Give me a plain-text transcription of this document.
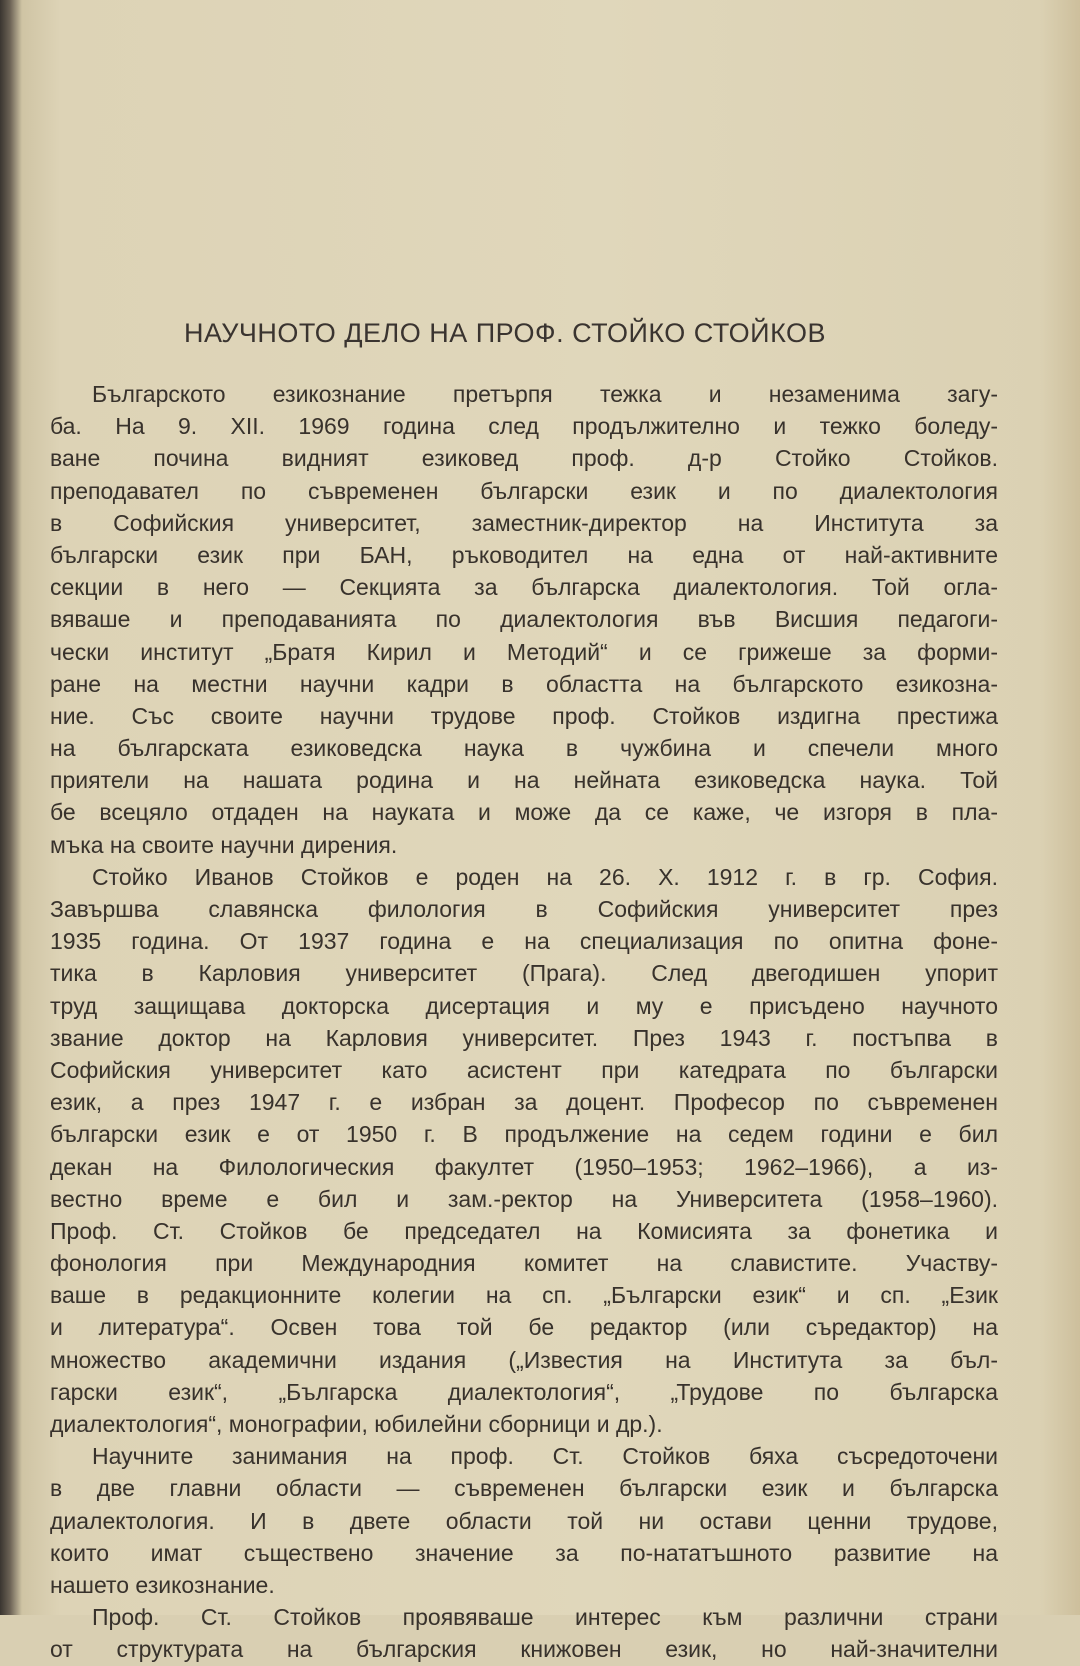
НАУЧНОТО ДЕЛО НА ПРОФ. СТОЙКО СТОЙКОВ
Българското езикознание претърпя тежка и незаменима загу-
ба. На 9. XII. 1969 година след продължително и тежко боледу-
ване почина видният езиковед проф. д-р Стойко Стойков.
преподавател по съвременен български език и по диалектология
в Софийския университет, заместник-директор на Института за
български език при БАН, ръководител на една от най-активните
секции в него — Секцията за българска диалектология. Той огла-
вяваше и преподаванията по диалектология във Висшия педагоги-
чески институт „Братя Кирил и Методий“ и се грижеше за форми-
ране на местни научни кадри в областта на българското езикозна-
ние. Със своите научни трудове проф. Стойков издигна престижа
на българската езиковедска наука в чужбина и спечели много
приятели на нашата родина и на нейната езиковедска наука. Той
бе всецяло отдаден на науката и може да се каже, че изгоря в пла-
мъка на своите научни дирения.
Стойко Иванов Стойков е роден на 26. X. 1912 г. в гр. София.
Завършва славянска филология в Софийския университет през
1935 година. От 1937 година е на специализация по опитна фоне-
тика в Карловия университет (Прага). След двегодишен упорит
труд защищава докторска дисертация и му е присъдено научното
звание доктор на Карловия университет. През 1943 г. постъпва в
Софийския университет като асистент при катедрата по български
език, а през 1947 г. е избран за доцент. Професор по съвременен
български език е от 1950 г. В продължение на седем години е бил
декан на Филологическия факултет (1950–1953; 1962–1966), а из-
вестно време е бил и зам.-ректор на Университета (1958–1960).
Проф. Ст. Стойков бе председател на Комисията за фонетика и
фонология при Международния комитет на славистите. Участву-
ваше в редакционните колегии на сп. „Български език“ и сп. „Език
и литература“. Освен това той бе редактор (или съредактор) на
множество академични издания („Известия на Института за бъл-
гарски език“, „Българска диалектология“, „Трудове по българска
диалектология“, монографии, юбилейни сборници и др.).
Научните занимания на проф. Ст. Стойков бяха съсредоточени
в две главни области — съвременен български език и българска
диалектология. И в двете области той ни остави ценни трудове,
които имат съществено значение за по-нататъшното развитие на
нашето езикознание.
Проф. Ст. Стойков проявяваше интерес към различни страни
от структурата на българския книжовен език, но най-значителни
